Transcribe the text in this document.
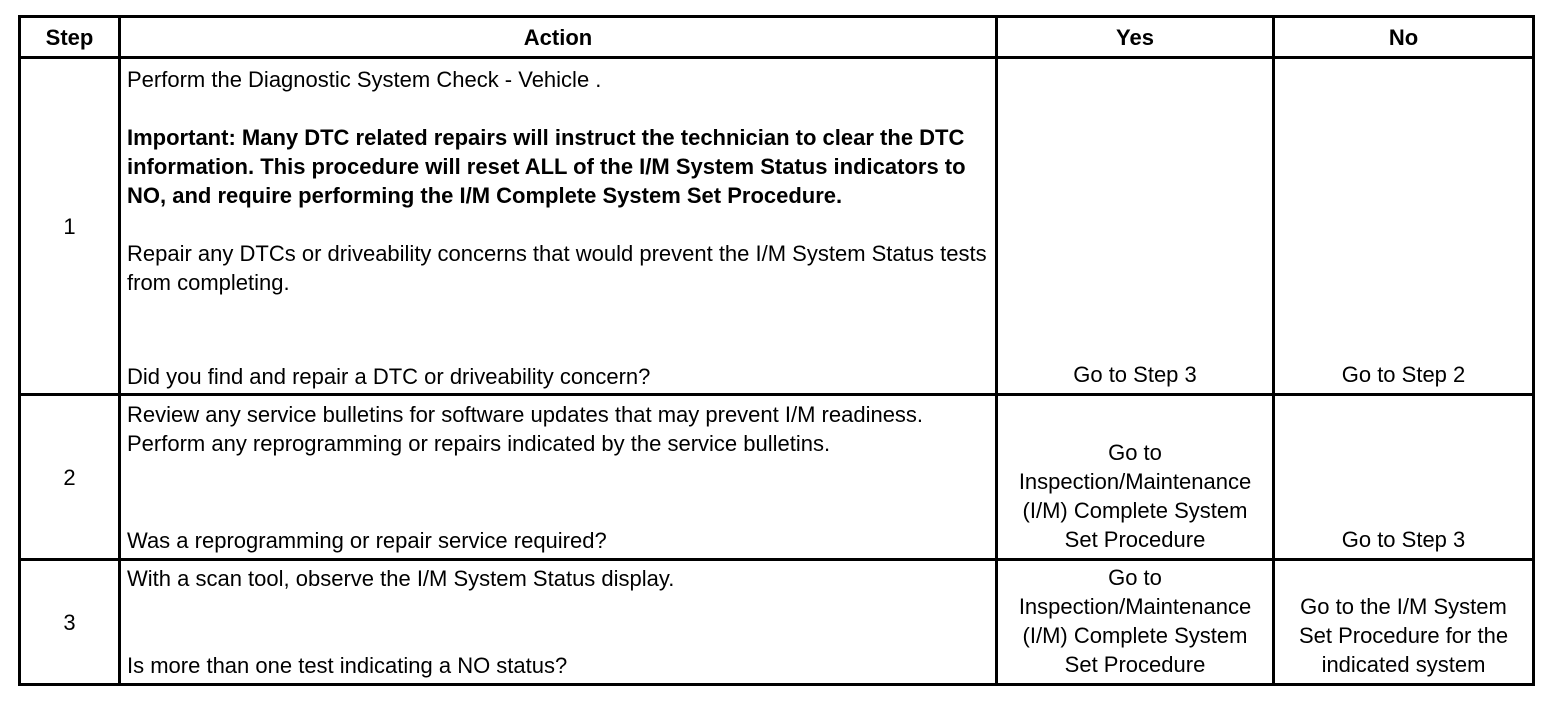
Step	Action	Yes	No
1	Perform the Diagnostic System Check - Vehicle .

Important: Many DTC related repairs will instruct the technician to clear the DTC information. This procedure will reset ALL of the I/M System Status indicators to NO, and require performing the I/M Complete System Set Procedure.

Repair any DTCs or driveability concerns that would prevent the I/M System Status tests from completing.

Did you find and repair a DTC or driveability concern?	Go to Step 3	Go to Step 2

2	Review any service bulletins for software updates that may prevent I/M readiness. Perform any reprogramming or repairs indicated by the service bulletins.

Was a reprogramming or repair service required?	Go to Inspection/Maintenance (I/M) Complete System Set Procedure	Go to Step 3

3	With a scan tool, observe the I/M System Status display.

Is more than one test indicating a NO status?	Go to Inspection/Maintenance (I/M) Complete System Set Procedure	Go to the I/M System Set Procedure for the indicated system
